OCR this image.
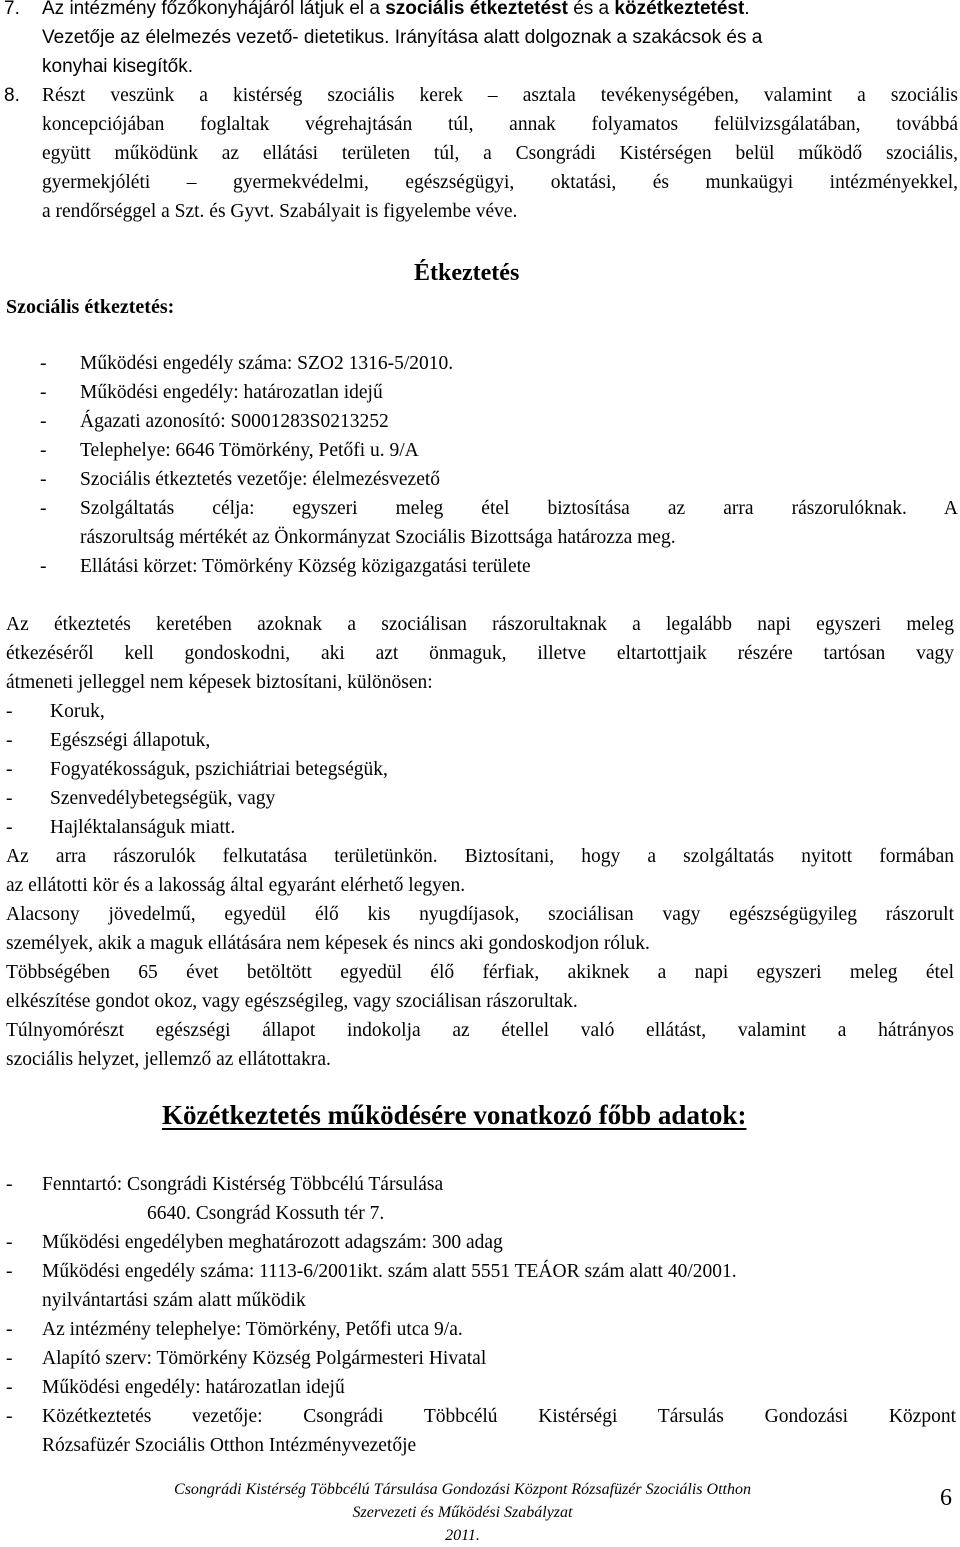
7. Az intézmény főzőkonyhájáról látjuk el a szociális étkeztetést és a közétkeztetést.
Vezetője az élelmezés vezető- dietetikus. Irányítása alatt dolgoznak a szakácsok és a
konyhai kisegítők.
8. Részt veszünk a kistérség szociális kerek – asztala tevékenységében, valamint a szociális
koncepciójában foglaltak végrehajtásán túl, annak folyamatos felülvizsgálatában, továbbá
együtt működünk az ellátási területen túl, a Csongrádi Kistérségen belül működő szociális,
gyermekjóléti – gyermekvédelmi, egészségügyi, oktatási, és munkaügyi intézményekkel,
a rendőrséggel a Szt. és Gyvt. Szabályait is figyelembe véve.
Étkeztetés
Szociális étkeztetés:
- Működési engedély száma: SZO2 1316-5/2010.
- Működési engedély: határozatlan idejű
- Ágazati azonosító: S0001283S0213252
- Telephelye: 6646 Tömörkény, Petőfi u. 9/A
- Szociális étkeztetés vezetője: élelmezésvezető
- Szolgáltatás célja: egyszeri meleg étel biztosítása az arra rászorulóknak. A
rászorultság mértékét az Önkormányzat Szociális Bizottsága határozza meg.
- Ellátási körzet: Tömörkény Község közigazgatási területe
Az étkeztetés keretében azoknak a szociálisan rászorultaknak a legalább napi egyszeri meleg
étkezéséről kell gondoskodni, aki azt önmaguk, illetve eltartottjaik részére tartósan vagy
átmeneti jelleggel nem képesek biztosítani, különösen:
- Koruk,
- Egészségi állapotuk,
- Fogyatékosságuk, pszichiátriai betegségük,
- Szenvedélybetegségük, vagy
- Hajléktalanságuk miatt.
Az arra rászorulók felkutatása területünkön. Biztosítani, hogy a szolgáltatás nyitott formában
az ellátotti kör és a lakosság által egyaránt elérhető legyen.
Alacsony jövedelmű, egyedül élő kis nyugdíjasok, szociálisan vagy egészségügyileg rászorult
személyek, akik a maguk ellátására nem képesek és nincs aki gondoskodjon róluk.
Többségében 65 évet betöltött egyedül élő férfiak, akiknek a napi egyszeri meleg étel
elkészítése gondot okoz, vagy egészségileg, vagy szociálisan rászorultak.
Túlnyomórészt egészségi állapot indokolja az étellel való ellátást, valamint a hátrányos
szociális helyzet, jellemző az ellátottakra.
Közétkeztetés működésére vonatkozó főbb adatok:
- Fenntartó: Csongrádi Kistérség Többcélú Társulása
6640. Csongrád Kossuth tér 7.
- Működési engedélyben meghatározott adagszám: 300 adag
- Működési engedély száma: 1113-6/2001ikt. szám alatt 5551 TEÁOR szám alatt 40/2001.
nyilvántartási szám alatt működik
- Az intézmény telephelye: Tömörkény, Petőfi utca 9/a.
- Alapító szerv: Tömörkény Község Polgármesteri Hivatal
- Működési engedély: határozatlan idejű
- Közétkeztetés vezetője: Csongrádi Többcélú Kistérségi Társulás Gondozási Központ
Rózsafüzér Szociális Otthon Intézményvezetője
Csongrádi Kistérség Többcélú Társulása Gondozási Központ Rózsafüzér Szociális Otthon
Szervezeti és Működési Szabályzat
2011.
6
